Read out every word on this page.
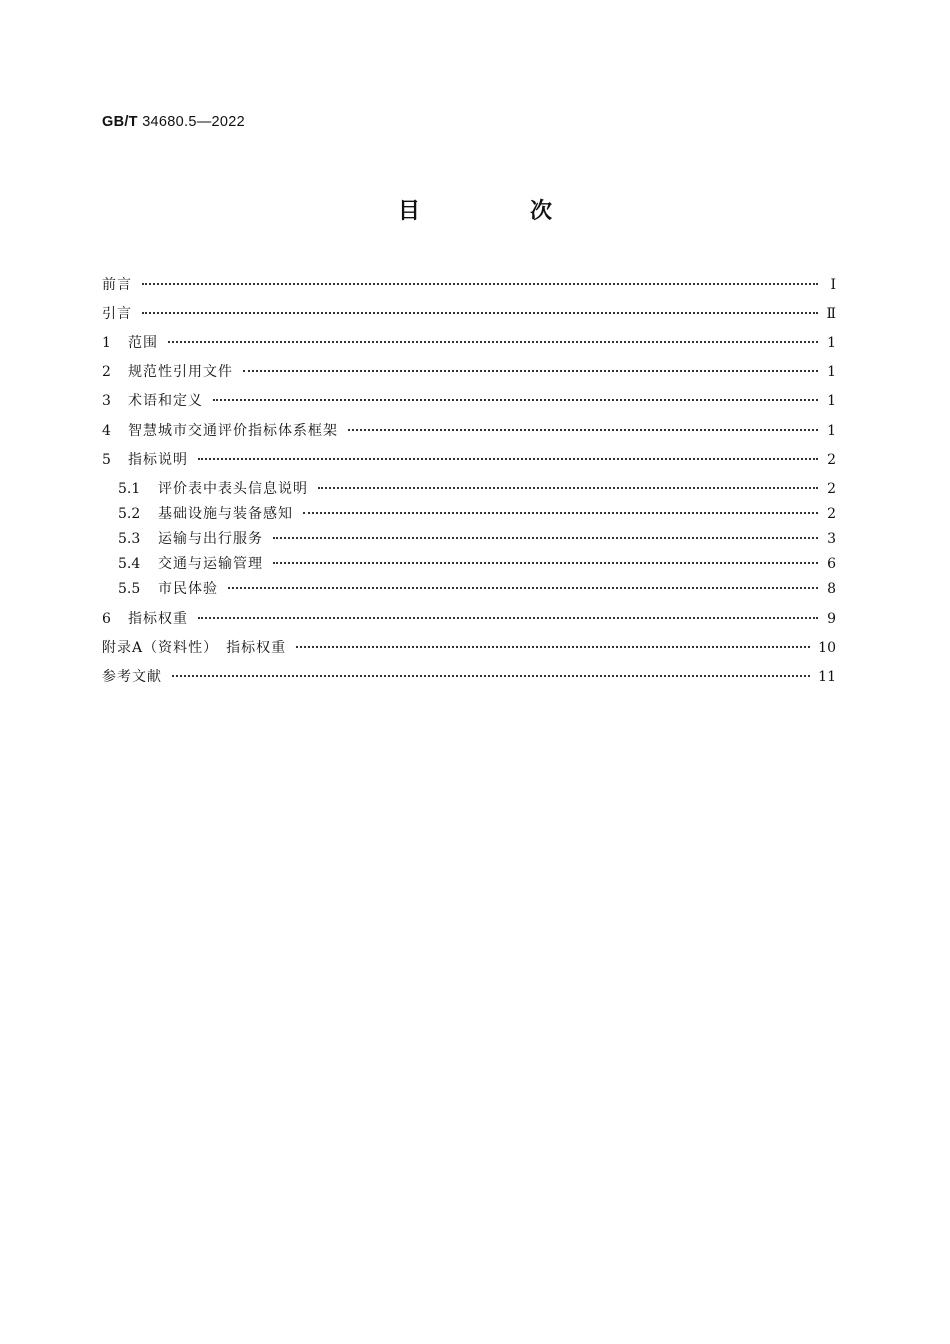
GB/T 34680.5—2022
目　次
前言	Ⅰ
引言	Ⅱ
1	范围	1
2	规范性引用文件	1
3	术语和定义	1
4	智慧城市交通评价指标体系框架	1
5	指标说明	2
5.1	评价表中表头信息说明	2
5.2	基础设施与装备感知	2
5.3	运输与出行服务	3
5.4	交通与运输管理	6
5.5	市民体验	8
6	指标权重	9
附录A（资料性）　指标权重	10
参考文献	11
